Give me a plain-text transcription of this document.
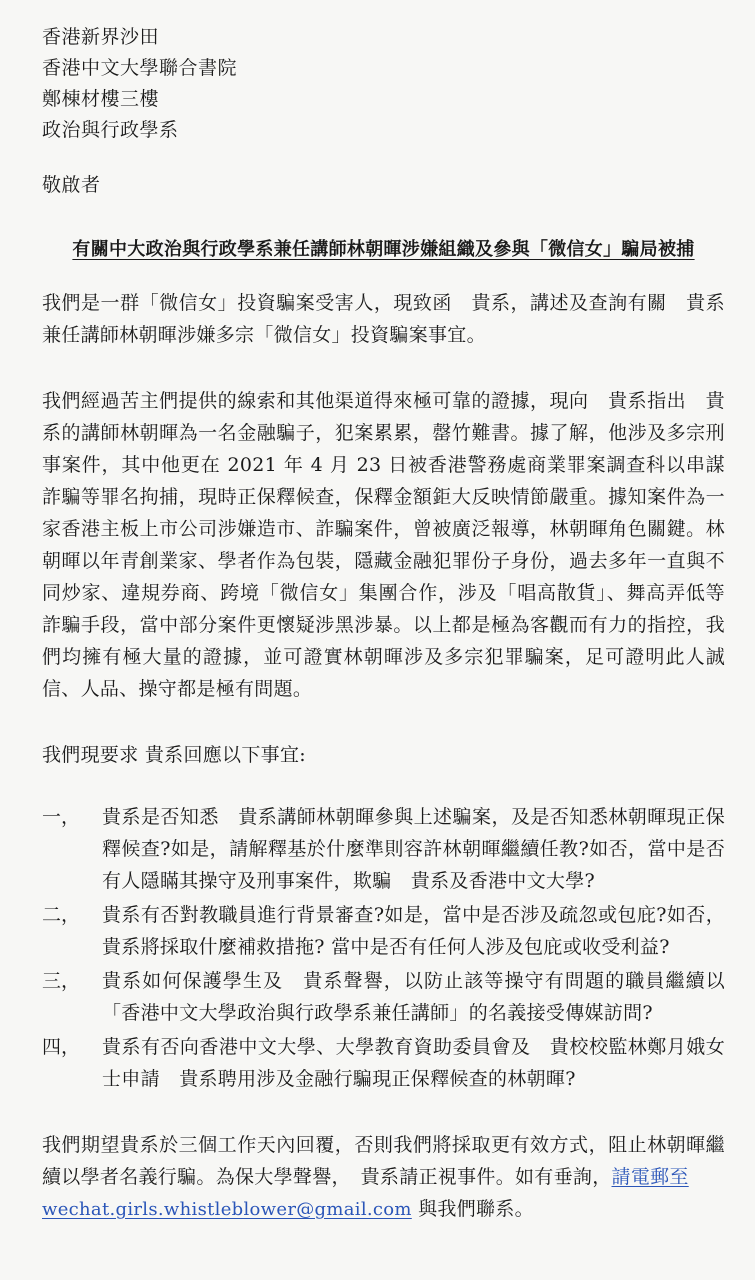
香港新界沙田

香港中文大學聯合書院

鄭棟材樓三樓

政治與行政學系

敬啟者

有關中大政治與行政學系兼任講師林朝暉涉嫌組織及參與「微信女」騙局被捕

我們是一群「微信女」投資騙案受害人，現致函　貴系，講述及查詢有關　貴系兼任講師林朝暉涉嫌多宗「微信女」投資騙案事宜。

我們經過苦主們提供的線索和其他渠道得來極可靠的證據，現向　貴系指出　貴系的講師林朝暉為一名金融騙子，犯案累累，罄竹難書。據了解，他涉及多宗刑事案件，其中他更在 2021 年 4 月 23 日被香港警務處商業罪案調查科以串謀詐騙等罪名拘捕，現時正保釋候查，保釋金額鉅大反映情節嚴重。據知案件為一家香港主板上市公司涉嫌造市、詐騙案件，曾被廣泛報導，林朝暉角色關鍵。林朝暉以年青創業家、學者作為包裝，隱藏金融犯罪份子身份，過去多年一直與不同炒家、違規券商、跨境「微信女」集團合作，涉及「唱高散貨」、舞高弄低等詐騙手段，當中部分案件更懷疑涉黑涉暴。以上都是極為客觀而有力的指控，我們均擁有極大量的證據，並可證實林朝暉涉及多宗犯罪騙案，足可證明此人誠信、人品、操守都是極有問題。

我們現要求 貴系回應以下事宜:

一，	貴系是否知悉　貴系講師林朝暉參與上述騙案，及是否知悉林朝暉現正保釋候查?如是，請解釋基於什麼準則容許林朝暉繼續任教?如否，當中是否有人隱瞞其操守及刑事案件，欺騙　貴系及香港中文大學?
二，	貴系有否對教職員進行背景審查?如是，當中是否涉及疏忽或包庇?如否，貴系將採取什麼補救措拖? 當中是否有任何人涉及包庇或收受利益?
三，	貴系如何保護學生及　貴系聲譽，以防止該等操守有問題的職員繼續以「香港中文大學政治與行政學系兼任講師」的名義接受傳媒訪問?
四，	貴系有否向香港中文大學、大學教育資助委員會及　貴校校監林鄭月娥女士申請　貴系聘用涉及金融行騙現正保釋候查的林朝暉?

我們期望貴系於三個工作天內回覆，否則我們將採取更有效方式，阻止林朝暉繼續以學者名義行騙。為保大學聲譽，　貴系請正視事件。如有垂詢，請電郵至
wechat.girls.whistleblower@gmail.com 與我們聯系。
